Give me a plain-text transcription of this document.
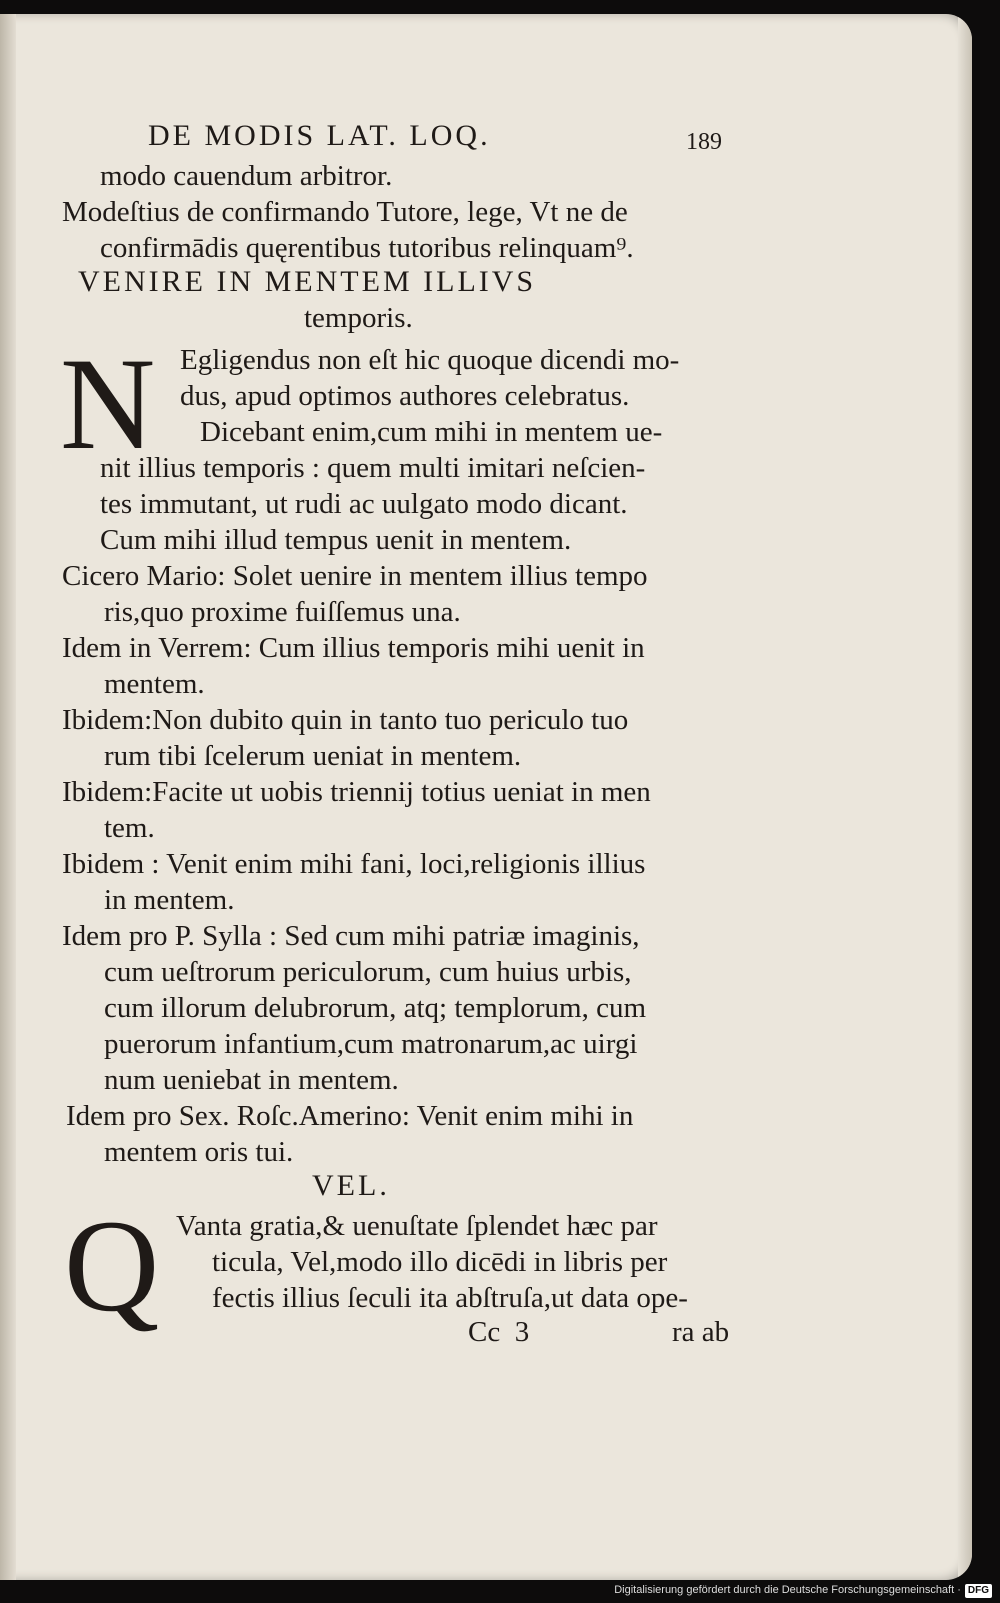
DE MODIS LAT. LOQ.	189
modo cauendum arbitror.
Modeſtius de confirmando Tutore, lege, Vt ne de
confirmādis quęrentibus tutoribus relinquam⁹.
VENIRE IN MENTEM ILLIVS
temporis.
N Egligendus non eſt hic quoque dicendi mo-
dus, apud optimos authores celebratus.
Dicebant enim,cum mihi in mentem ue-
nit illius temporis : quem multi imitari neſcien-
tes immutant, ut rudi ac uulgato modo dicant.
Cum mihi illud tempus uenit in mentem.
Cicero Mario: Solet uenire in mentem illius tempo
ris,quo proxime fuiſſemus una.
Idem in Verrem: Cum illius temporis mihi uenit in
mentem.
Ibidem:Non dubito quin in tanto tuo periculo tuo
rum tibi ſcelerum ueniat in mentem.
Ibidem:Facite ut uobis triennij totius ueniat in men
tem.
Ibidem : Venit enim mihi fani, loci,religionis illius
in mentem.
Idem pro P. Sylla : Sed cum mihi patriæ imaginis,
cum ueſtrorum periculorum, cum huius urbis,
cum illorum delubrorum, atq; templorum, cum
puerorum infantium,cum matronarum,ac uirgi
num ueniebat in mentem.
Idem pro Sex. Roſc.Amerino: Venit enim mihi in
mentem oris tui.
VEL.
Q Vanta gratia,& uenuſtate ſplendet hæc par
ticula, Vel,modo illo dicēdi in libris per
fectis illius ſeculi ita abſtruſa,ut data ope-
Cc  3	ra ab
Digitalisierung gefördert durch die Deutsche Forschungsgemeinschaft · DFG
